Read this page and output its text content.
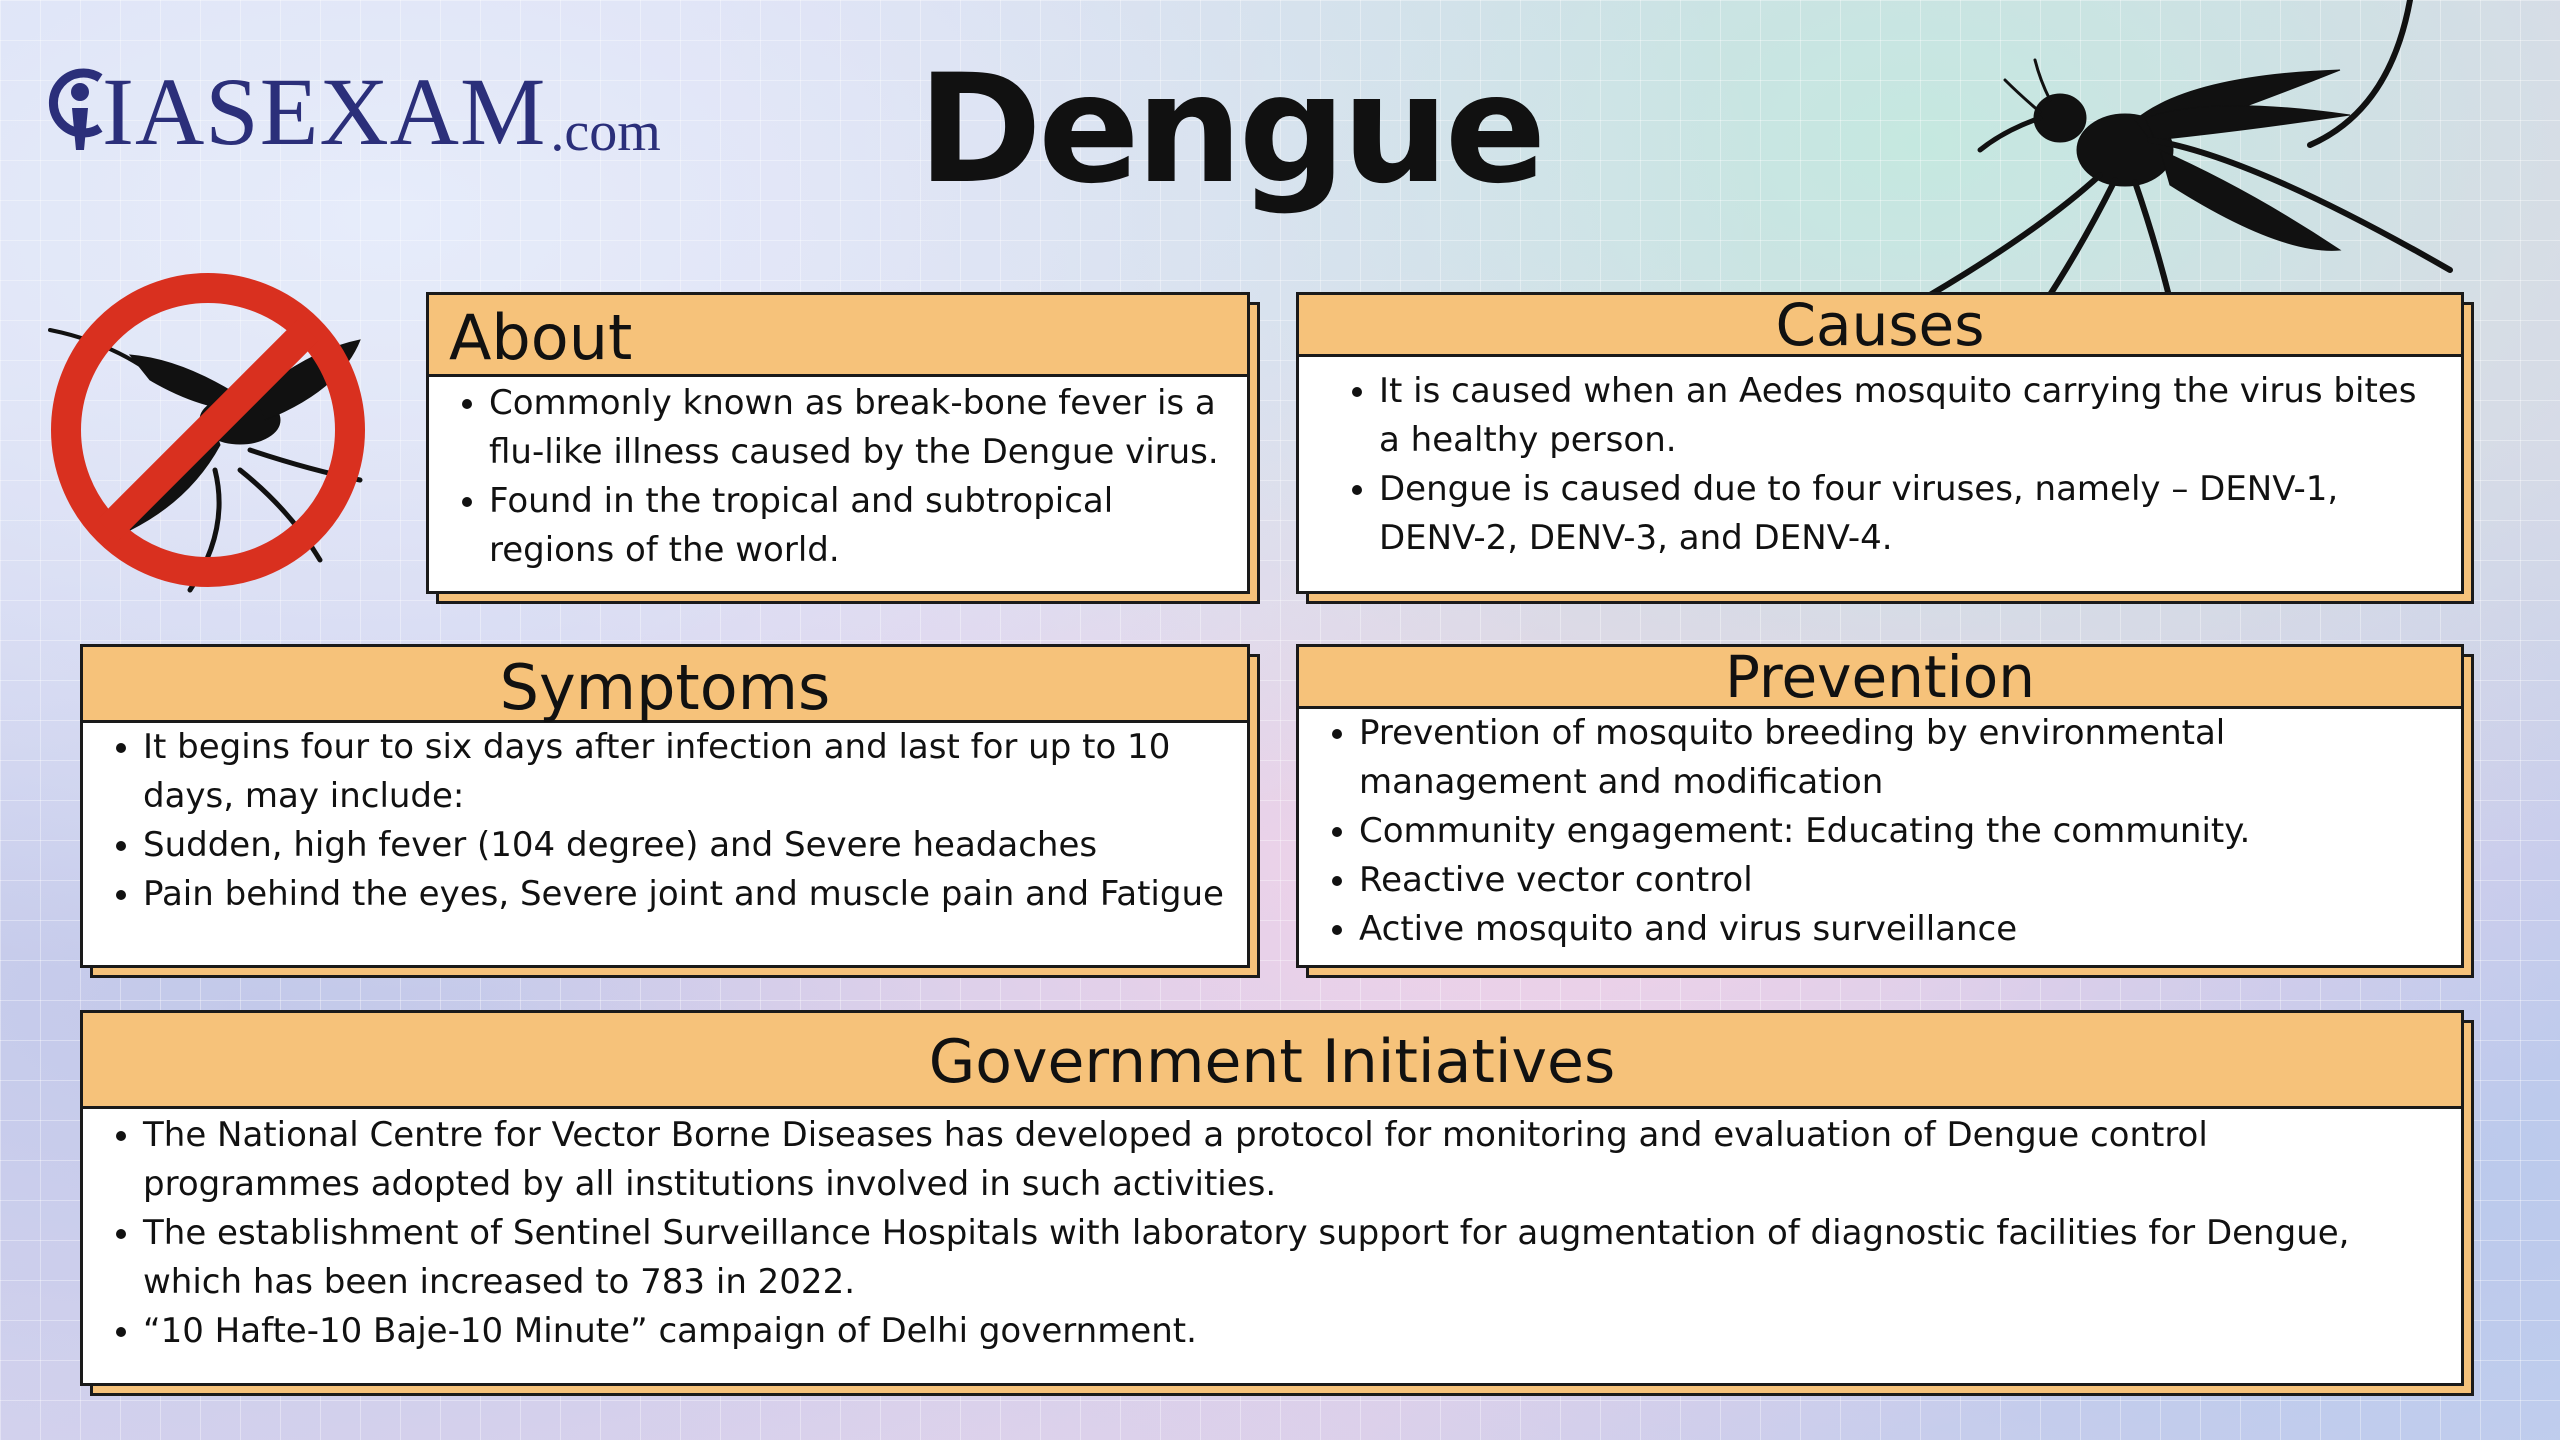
IASEXAM .com Dengue
About
• Commonly known as break-bone fever is a flu-like illness caused by the Dengue virus.
• Found in the tropical and subtropical regions of the world.
Causes
• It is caused when an Aedes mosquito carrying the virus bites a healthy person.
• Dengue is caused due to four viruses, namely – DENV-1, DENV-2, DENV-3, and DENV-4.
Symptoms
• It begins four to six days after infection and last for up to 10 days, may include:
• Sudden, high fever (104 degree) and Severe headaches
• Pain behind the eyes, Severe joint and muscle pain and Fatigue
Prevention
• Prevention of mosquito breeding by environmental management and modification
• Community engagement: Educating the community.
• Reactive vector control
• Active mosquito and virus surveillance
Government Initiatives
• The National Centre for Vector Borne Diseases has developed a protocol for monitoring and evaluation of Dengue control programmes adopted by all institutions involved in such activities.
• The establishment of Sentinel Surveillance Hospitals with laboratory support for augmentation of diagnostic facilities for Dengue, which has been increased to 783 in 2022.
• “10 Hafte-10 Baje-10 Minute” campaign of Delhi government.
